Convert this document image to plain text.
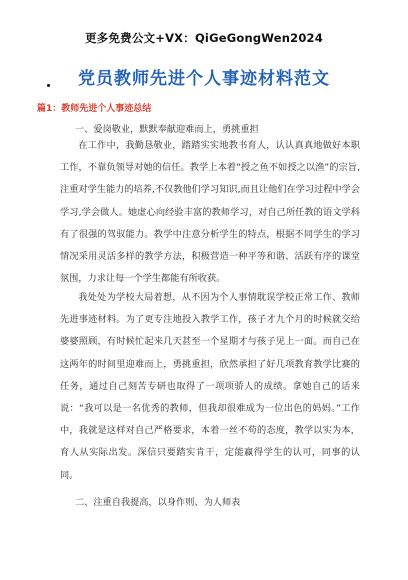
更多免费公文+VX：QiGeGongWen2024
党员教师先进个人事迹材料范文
篇1：教师先进个人事迹总结
一、爱岗敬业，默默奉献迎难而上，勇挑重担

在工作中，我勤恳敬业，踏踏实实地教书育人，认认真真地做好本职工作，不靠负领导对她的信任。教学上本着“授之鱼不如授之以渔”的宗旨,注重对学生能力的培养,不仅教他们学习知识,而且让他们在学习过程中学会学习,学会做人。她虚心向经验丰富的教师学习，对自己所任教的语文学科有了很强的驾驭能力。教学中注意分析学生的特点，根据不同学生的学习情况采用灵活多样的教学方法，积极营造一种平等和谐、活跃有序的课堂氛围，力求让每一个学生都能有所收获。

我处处为学校大局着想，从不因为个人事情耽误学校正常工作、教师先进事迹材料。为了更专注地投入教学工作，孩子才九个月的时候就交给婆婆照顾，有时候忙起来几天甚至一个星期才与孩子见上一面。而自己在这两年的时间里迎难而上，勇挑重担，欣然承担了好几项教育教学比赛的任务，通过自己刻苦专研也取得了一项项骄人的成绩。拿她自己的话来说：“我可以是一名优秀的教师，但我却很难成为一位出色的妈妈。”工作中，我就是这样对自己严格要求，本着一丝不苟的态度，教学以实为本，育人从实际出发。深信只要踏实肯干，定能赢得学生的认可，同事的认同。

二、注重自我提高，以身作则、为人师表
